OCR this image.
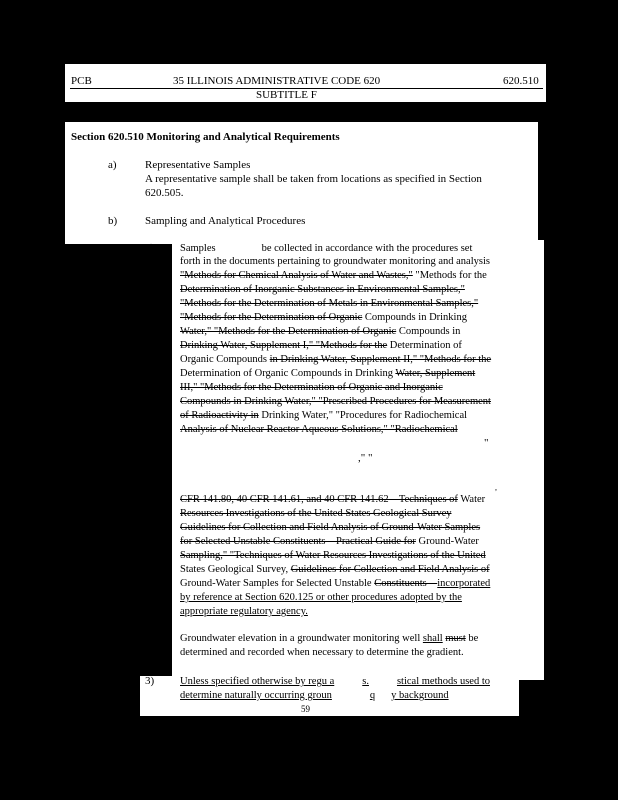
PCB	35 ILLINOIS ADMINISTRATIVE CODE 620	620.510
SUBTITLE F
Section 620.510 Monitoring and Analytical Requirements
a)	Representative Samples
A representative sample shall be taken from locations as specified in Section
620.505.
b)	Sampling and Analytical Procedures
1) Samples	be collected in accordance with the procedures set
forth in the documents pertaining to groundwater monitoring and analysis
"Methods for Chemical Analysis of Water and Wastes," "Methods for the
Determination of Inorganic Substances in Environmental Samples,"
"Methods for the Determination of Metals in Environmental Samples,"
"Methods for the Determination of Organic Compounds in Drinking
Water," "Methods for the Determination of Organic Compounds in
Drinking Water, Supplement I," "Methods for the Determination of
Organic Compounds in Drinking Water, Supplement II," "Methods for the
Determination of Organic Compounds in Drinking Water, Supplement
III," "Methods for the Determination of Organic and Inorganic
Compounds in Drinking Water," "Prescribed Procedures for Measurement
of Radioactivity in Drinking Water," "Procedures for Radiochemical
Analysis of Nuclear Reactor Aqueous Solutions," "Radiochemical
"
," "
,
CFR 141.80, 40 CFR 141.61, and 40 CFR 141.62 – Techniques of Water
Resources Investigations of the United States Geological Survey
Guidelines for Collection and Field Analysis of Ground-Water Samples
for Selected Unstable Constituents – Practical Guide for Ground-Water
Sampling," "Techniques of Water Resources Investigations of the United
States Geological Survey, Guidelines for Collection and Field Analysis of
Ground-Water Samples for Selected Unstable Constituents – incorporated
by reference at Section 620.125 or other procedures adopted by the
appropriate regulatory agency.
Groundwater elevation in a groundwater monitoring well shall must be
determined and recorded when necessary to determine the gradient.
3) Unless specified otherwise by regu a	s.	stical methods used to
determine naturally occurring groun	q y background
59
